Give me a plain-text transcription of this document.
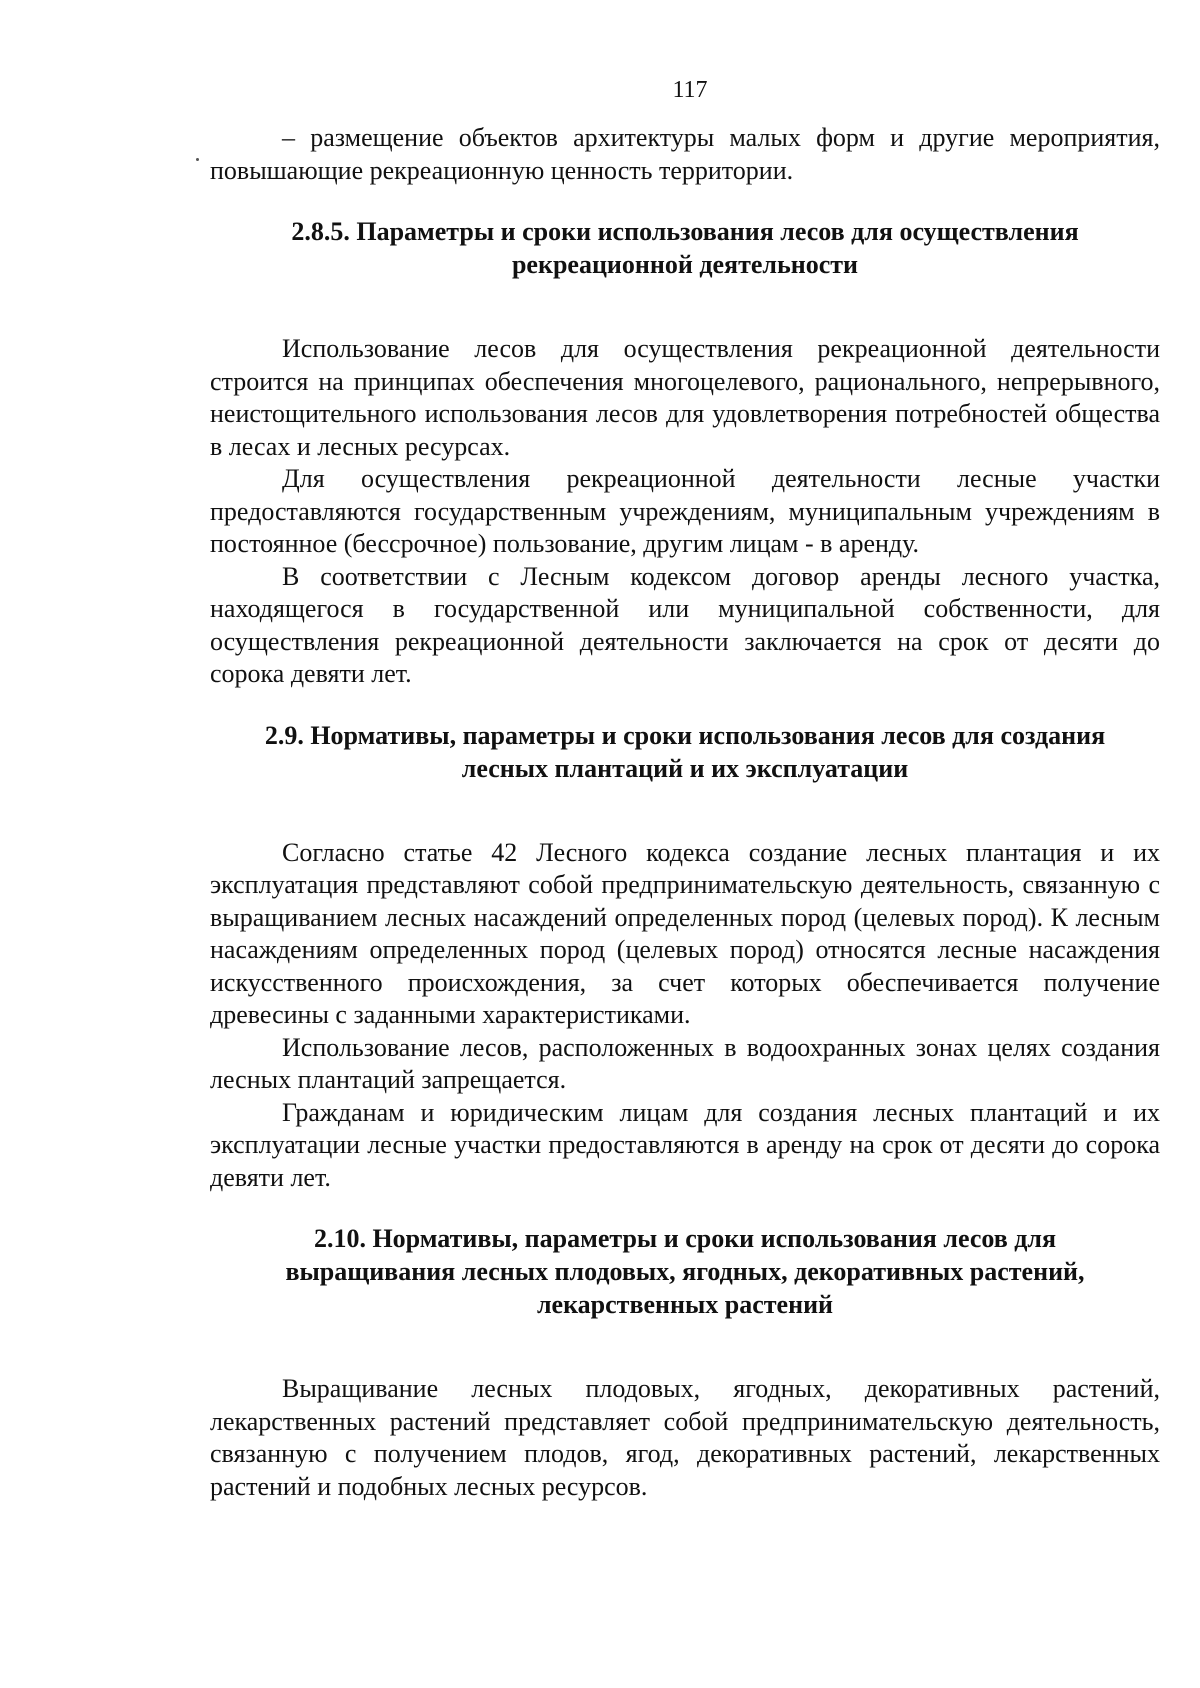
117

– размещение объектов архитектуры малых форм и другие мероприятия, повышающие рекреационную ценность территории.

2.8.5. Параметры и сроки использования лесов для осуществления
рекреационной деятельности

Использование лесов для осуществления рекреационной деятельности строится на принципах обеспечения многоцелевого, рационального, непрерывного, неистощительного использования лесов для удовлетворения потребностей общества в лесах и лесных ресурсах.

Для осуществления рекреационной деятельности лесные участки предоставляются государственным учреждениям, муниципальным учреждениям в постоянное (бессрочное) пользование, другим лицам - в аренду.

В соответствии с Лесным кодексом договор аренды лесного участка, находящегося в государственной или муниципальной собственности, для осуществления рекреационной деятельности заключается на срок от десяти до сорока девяти лет.

2.9. Нормативы, параметры и сроки использования лесов для создания
лесных плантаций и их эксплуатации

Согласно статье 42 Лесного кодекса создание лесных плантация и их эксплуатация представляют собой предпринимательскую деятельность, связанную с выращиванием лесных насаждений определенных пород (целевых пород). К лесным насаждениям определенных пород (целевых пород) относятся лесные насаждения искусственного происхождения, за счет которых обеспечивается получение древесины с заданными характеристиками.

Использование лесов, расположенных в водоохранных зонах целях создания лесных плантаций запрещается.

Гражданам и юридическим лицам для создания лесных плантаций и их эксплуатации лесные участки предоставляются в аренду на срок от десяти до сорока девяти лет.

2.10. Нормативы, параметры и сроки использования лесов для
выращивания лесных плодовых, ягодных, декоративных растений,
лекарственных растений

Выращивание лесных плодовых, ягодных, декоративных растений, лекарственных растений представляет собой предпринимательскую деятельность, связанную с получением плодов, ягод, декоративных растений, лекарственных растений и подобных лесных ресурсов.
